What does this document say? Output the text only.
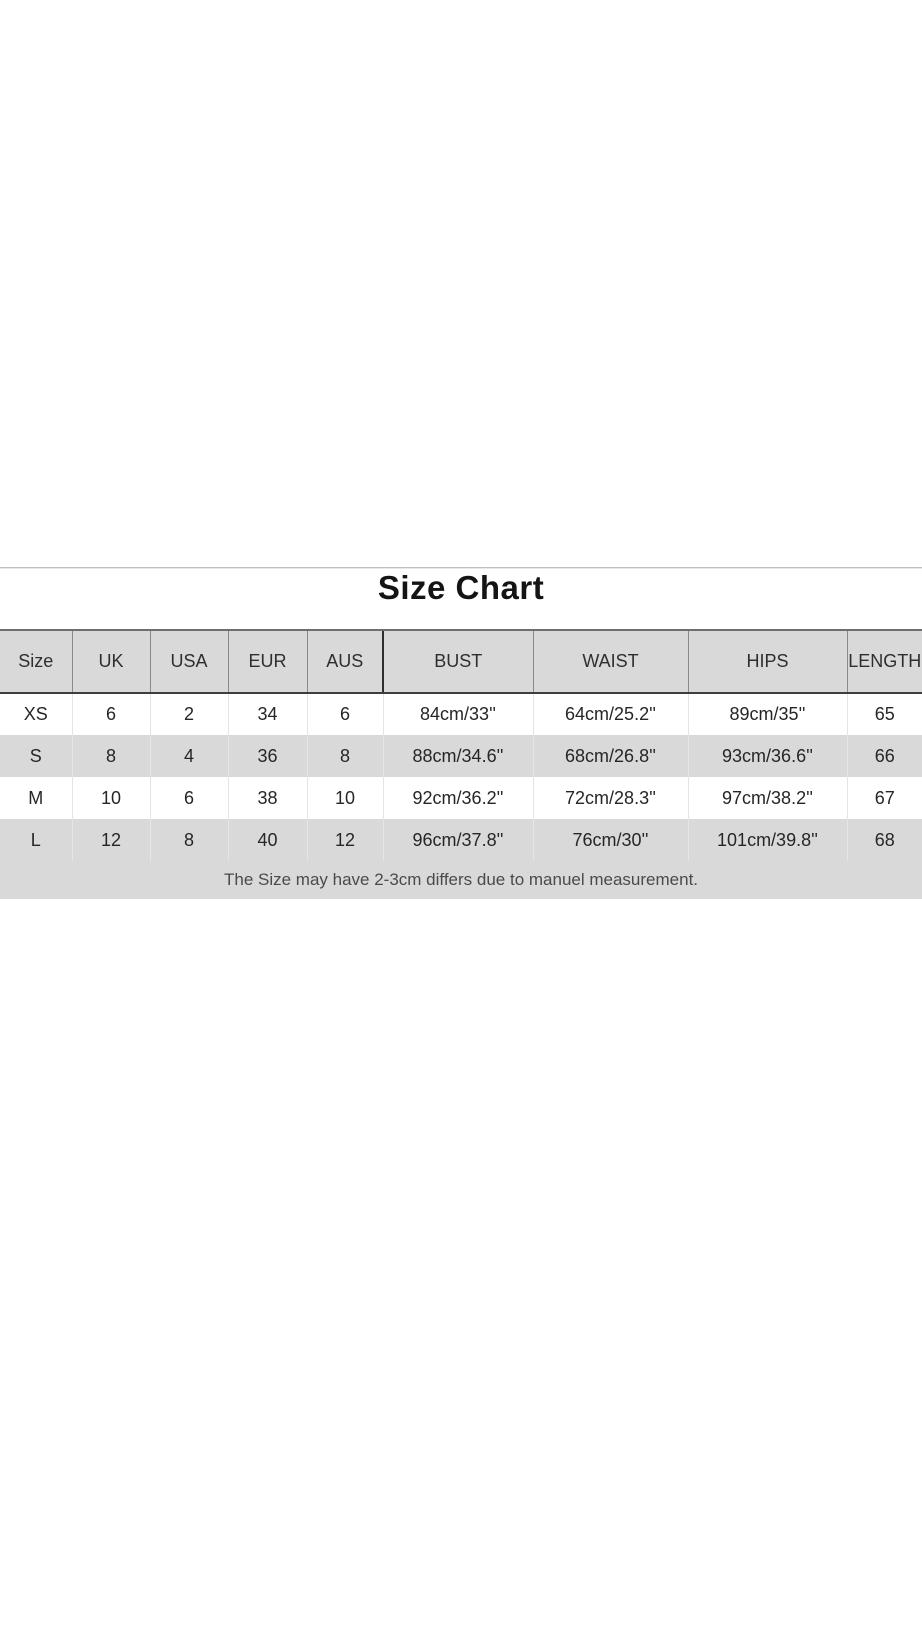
Size Chart
Size	UK	USA	EUR	AUS	BUST	WAIST	HIPS	LENGTH
XS	6	2	34	6	84cm/33''	64cm/25.2''	89cm/35''	65
S	8	4	36	8	88cm/34.6''	68cm/26.8''	93cm/36.6''	66
M	10	6	38	10	92cm/36.2''	72cm/28.3''	97cm/38.2''	67
L	12	8	40	12	96cm/37.8''	76cm/30''	101cm/39.8''	68
The Size may have 2-3cm differs due to manuel measurement.								
